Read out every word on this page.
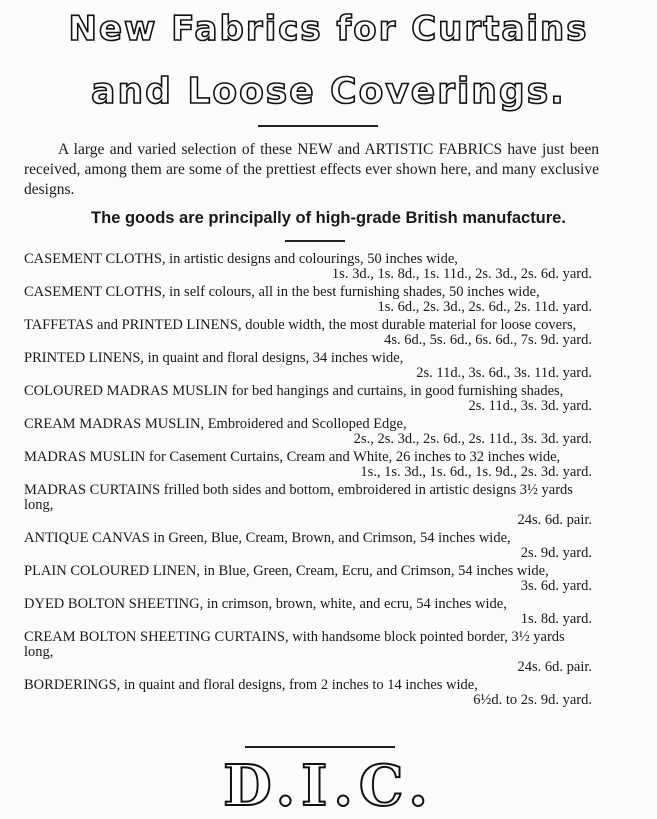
New Fabrics for Curtains
and Loose Coverings.

A large and varied selection of these NEW and ARTISTIC FABRICS have just been received, among them are some of the prettiest effects ever shown here, and many exclusive designs.

The goods are principally of high-grade British manufacture.
CASEMENT CLOTHS, in artistic designs and colourings, 50 inches wide,
1s. 3d., 1s. 8d., 1s. 11d., 2s. 3d., 2s. 6d. yard.
CASEMENT CLOTHS, in self colours, all in the best furnishing shades, 50 inches wide,
1s. 6d., 2s. 3d., 2s. 6d., 2s. 11d. yard.
TAFFETAS and PRINTED LINENS, double width, the most durable material for loose covers,
4s. 6d., 5s. 6d., 6s. 6d., 7s. 9d. yard.
PRINTED LINENS, in quaint and floral designs, 34 inches wide,
2s. 11d., 3s. 6d., 3s. 11d. yard.
COLOURED MADRAS MUSLIN for bed hangings and curtains, in good furnishing shades,
2s. 11d., 3s. 3d. yard.
CREAM MADRAS MUSLIN, Embroidered and Scolloped Edge,
2s., 2s. 3d., 2s. 6d., 2s. 11d., 3s. 3d. yard.
MADRAS MUSLIN for Casement Curtains, Cream and White, 26 inches to 32 inches wide,
1s., 1s. 3d., 1s. 6d., 1s. 9d., 2s. 3d. yard.
MADRAS CURTAINS frilled both sides and bottom, embroidered in artistic designs 3½ yards long,
24s. 6d. pair.
ANTIQUE CANVAS in Green, Blue, Cream, Brown, and Crimson, 54 inches wide,
2s. 9d. yard.
PLAIN COLOURED LINEN, in Blue, Green, Cream, Ecru, and Crimson, 54 inches wide,
3s. 6d. yard.
DYED BOLTON SHEETING, in crimson, brown, white, and ecru, 54 inches wide,
1s. 8d. yard.
CREAM BOLTON SHEETING CURTAINS, with handsome block pointed border, 3½ yards long,
24s. 6d. pair.
BORDERINGS, in quaint and floral designs, from 2 inches to 14 inches wide,
6½d. to 2s. 9d. yard.
D.I.C.
